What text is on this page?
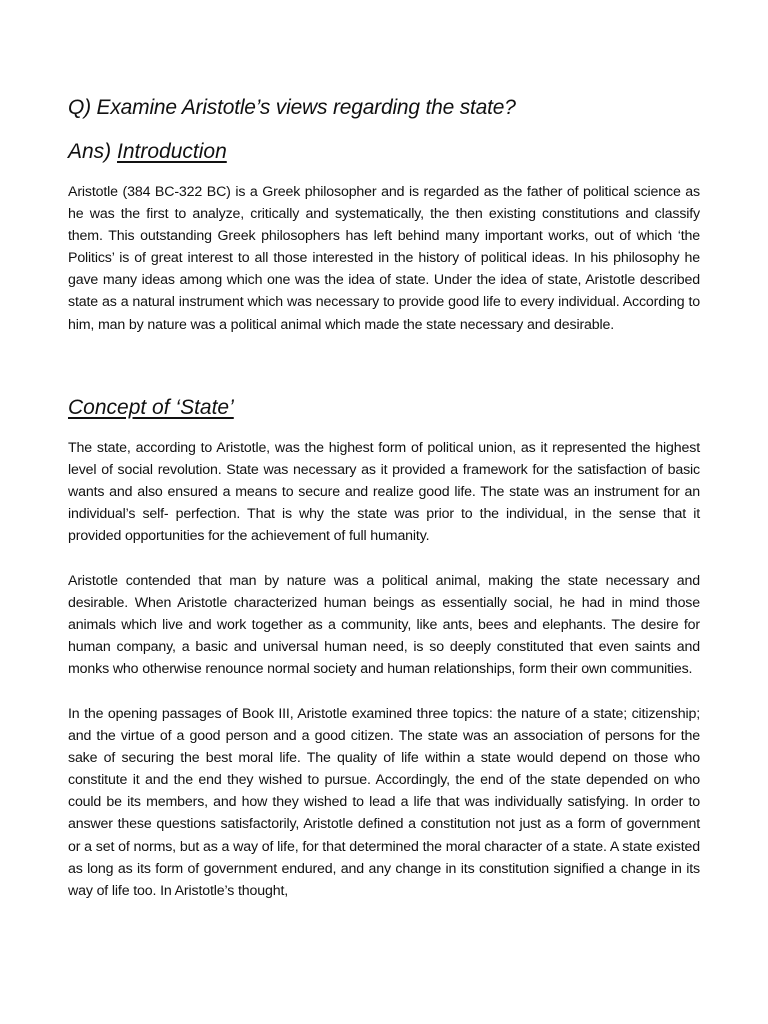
Q) Examine Aristotle’s views regarding the state?
Ans) Introduction

Aristotle (384 BC-322 BC) is a Greek philosopher and is regarded as the father of political science as he was the first to analyze, critically and systematically, the then existing constitutions and classify them. This outstanding Greek philosophers has left behind many important works, out of which ‘the Politics’ is of great interest to all those interested in the history of political ideas. In his philosophy he gave many ideas among which one was the idea of state. Under the idea of state, Aristotle described state as a natural instrument which was necessary to provide good life to every individual. According to him, man by nature was a political animal which made the state necessary and desirable.

Concept of ‘State’

The state, according to Aristotle, was the highest form of political union, as it represented the highest level of social revolution. State was necessary as it provided a framework for the satisfaction of basic wants and also ensured a means to secure and realize good life. The state was an instrument for an individual’s self- perfection. That is why the state was prior to the individual, in the sense that it provided opportunities for the achievement of full humanity.

Aristotle contended that man by nature was a political animal, making the state necessary and desirable. When Aristotle characterized human beings as essentially social, he had in mind those animals which live and work together as a community, like ants, bees and elephants. The desire for human company, a basic and universal human need, is so deeply constituted that even saints and monks who otherwise renounce normal society and human relationships, form their own communities.

In the opening passages of Book III, Aristotle examined three topics: the nature of a state; citizenship; and the virtue of a good person and a good citizen. The state was an association of persons for the sake of securing the best moral life. The quality of life within a state would depend on those who constitute it and the end they wished to pursue. Accordingly, the end of the state depended on who could be its members, and how they wished to lead a life that was individually satisfying. In order to answer these questions satisfactorily, Aristotle defined a constitution not just as a form of government or a set of norms, but as a way of life, for that determined the moral character of a state. A state existed as long as its form of government endured, and any change in its constitution signified a change in its way of life too. In Aristotle’s thought,
